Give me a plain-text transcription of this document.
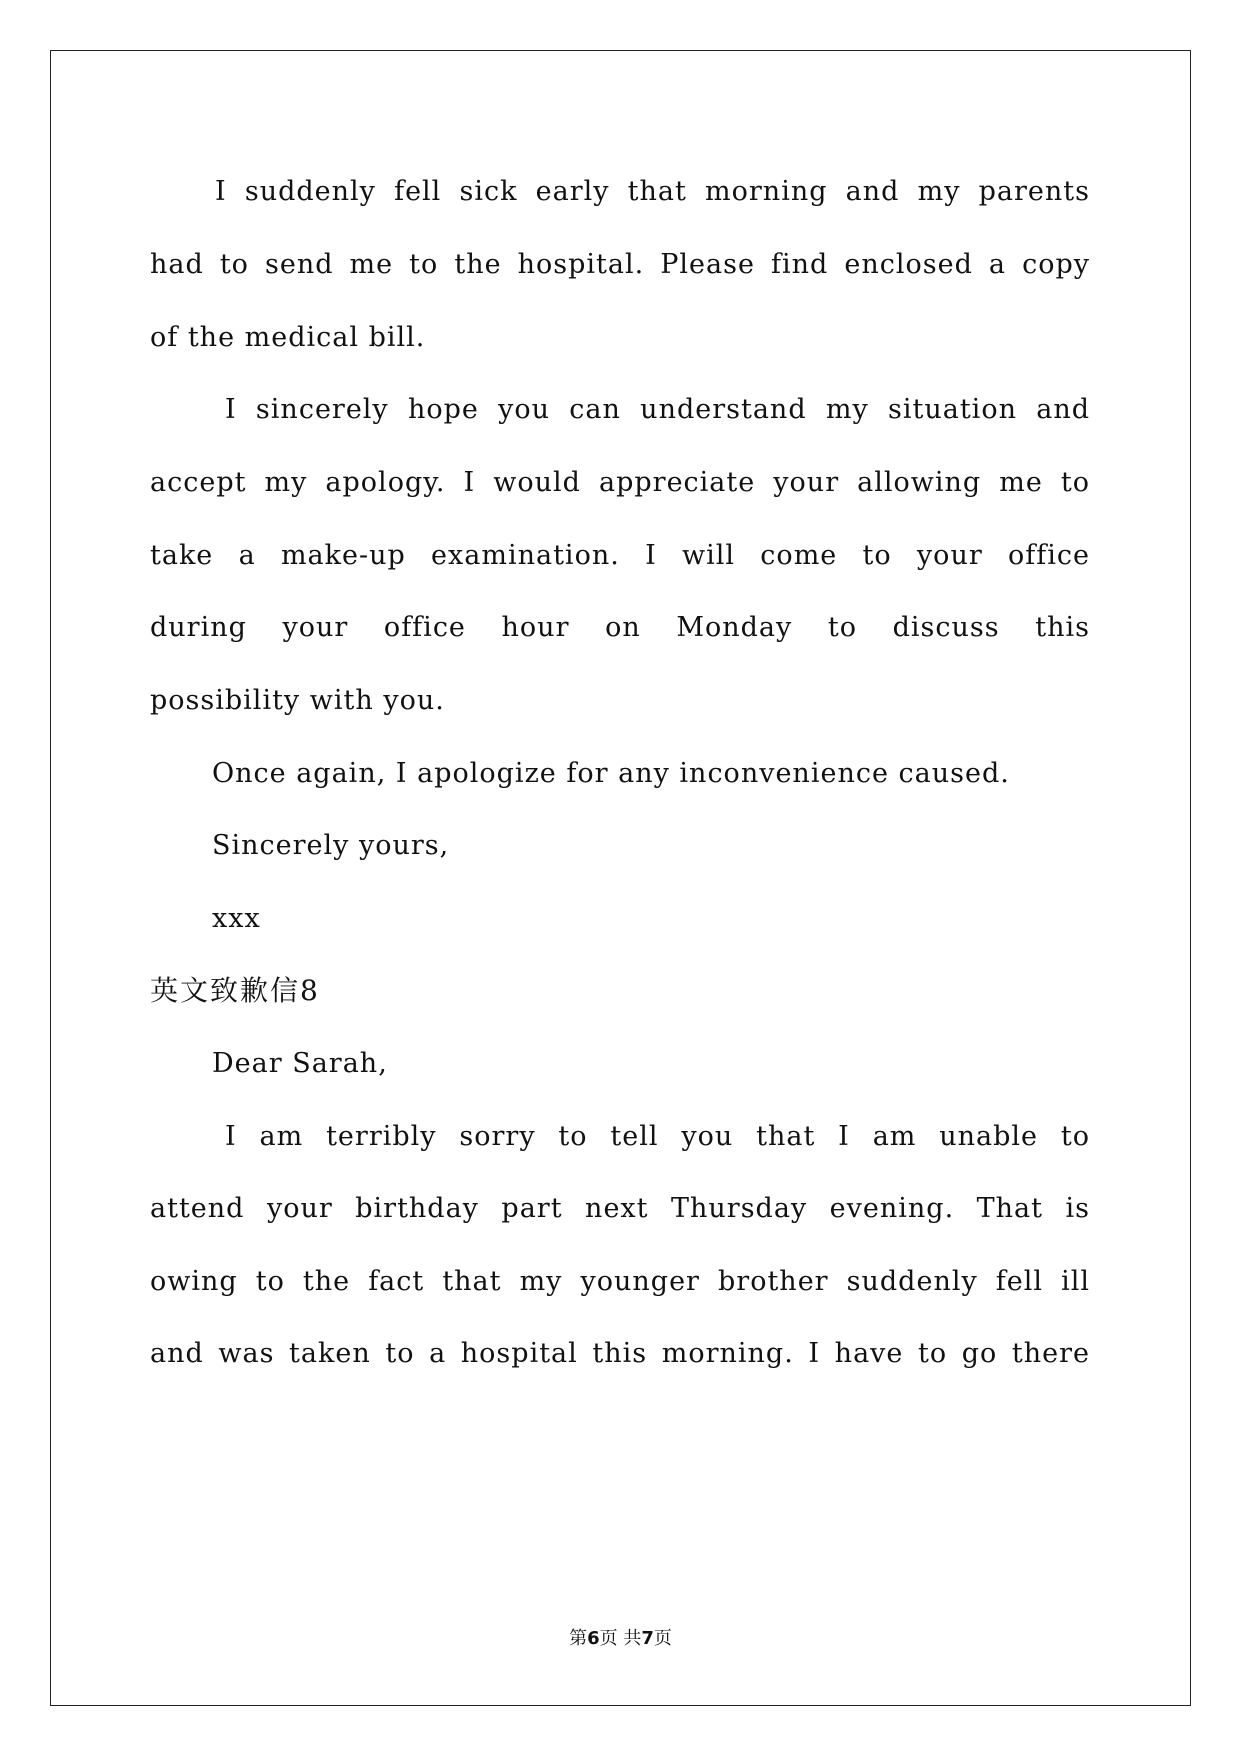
I suddenly fell sick early that morning and my parents
had to send me to the hospital. Please find enclosed a copy
of the medical bill.
I sincerely hope you can understand my situation and
accept my apology. I would appreciate your allowing me to
take a make-up examination. I will come to your office
during your office hour on Monday to discuss this
possibility with you.
Once again, I apologize for any inconvenience caused.
Sincerely yours,
xxx
英文致歉信8
Dear Sarah,
I am terribly sorry to tell you that I am unable to
attend your birthday part next Thursday evening. That is
owing to the fact that my younger brother suddenly fell ill
and was taken to a hospital this morning. I have to go there
第6页 共7页
